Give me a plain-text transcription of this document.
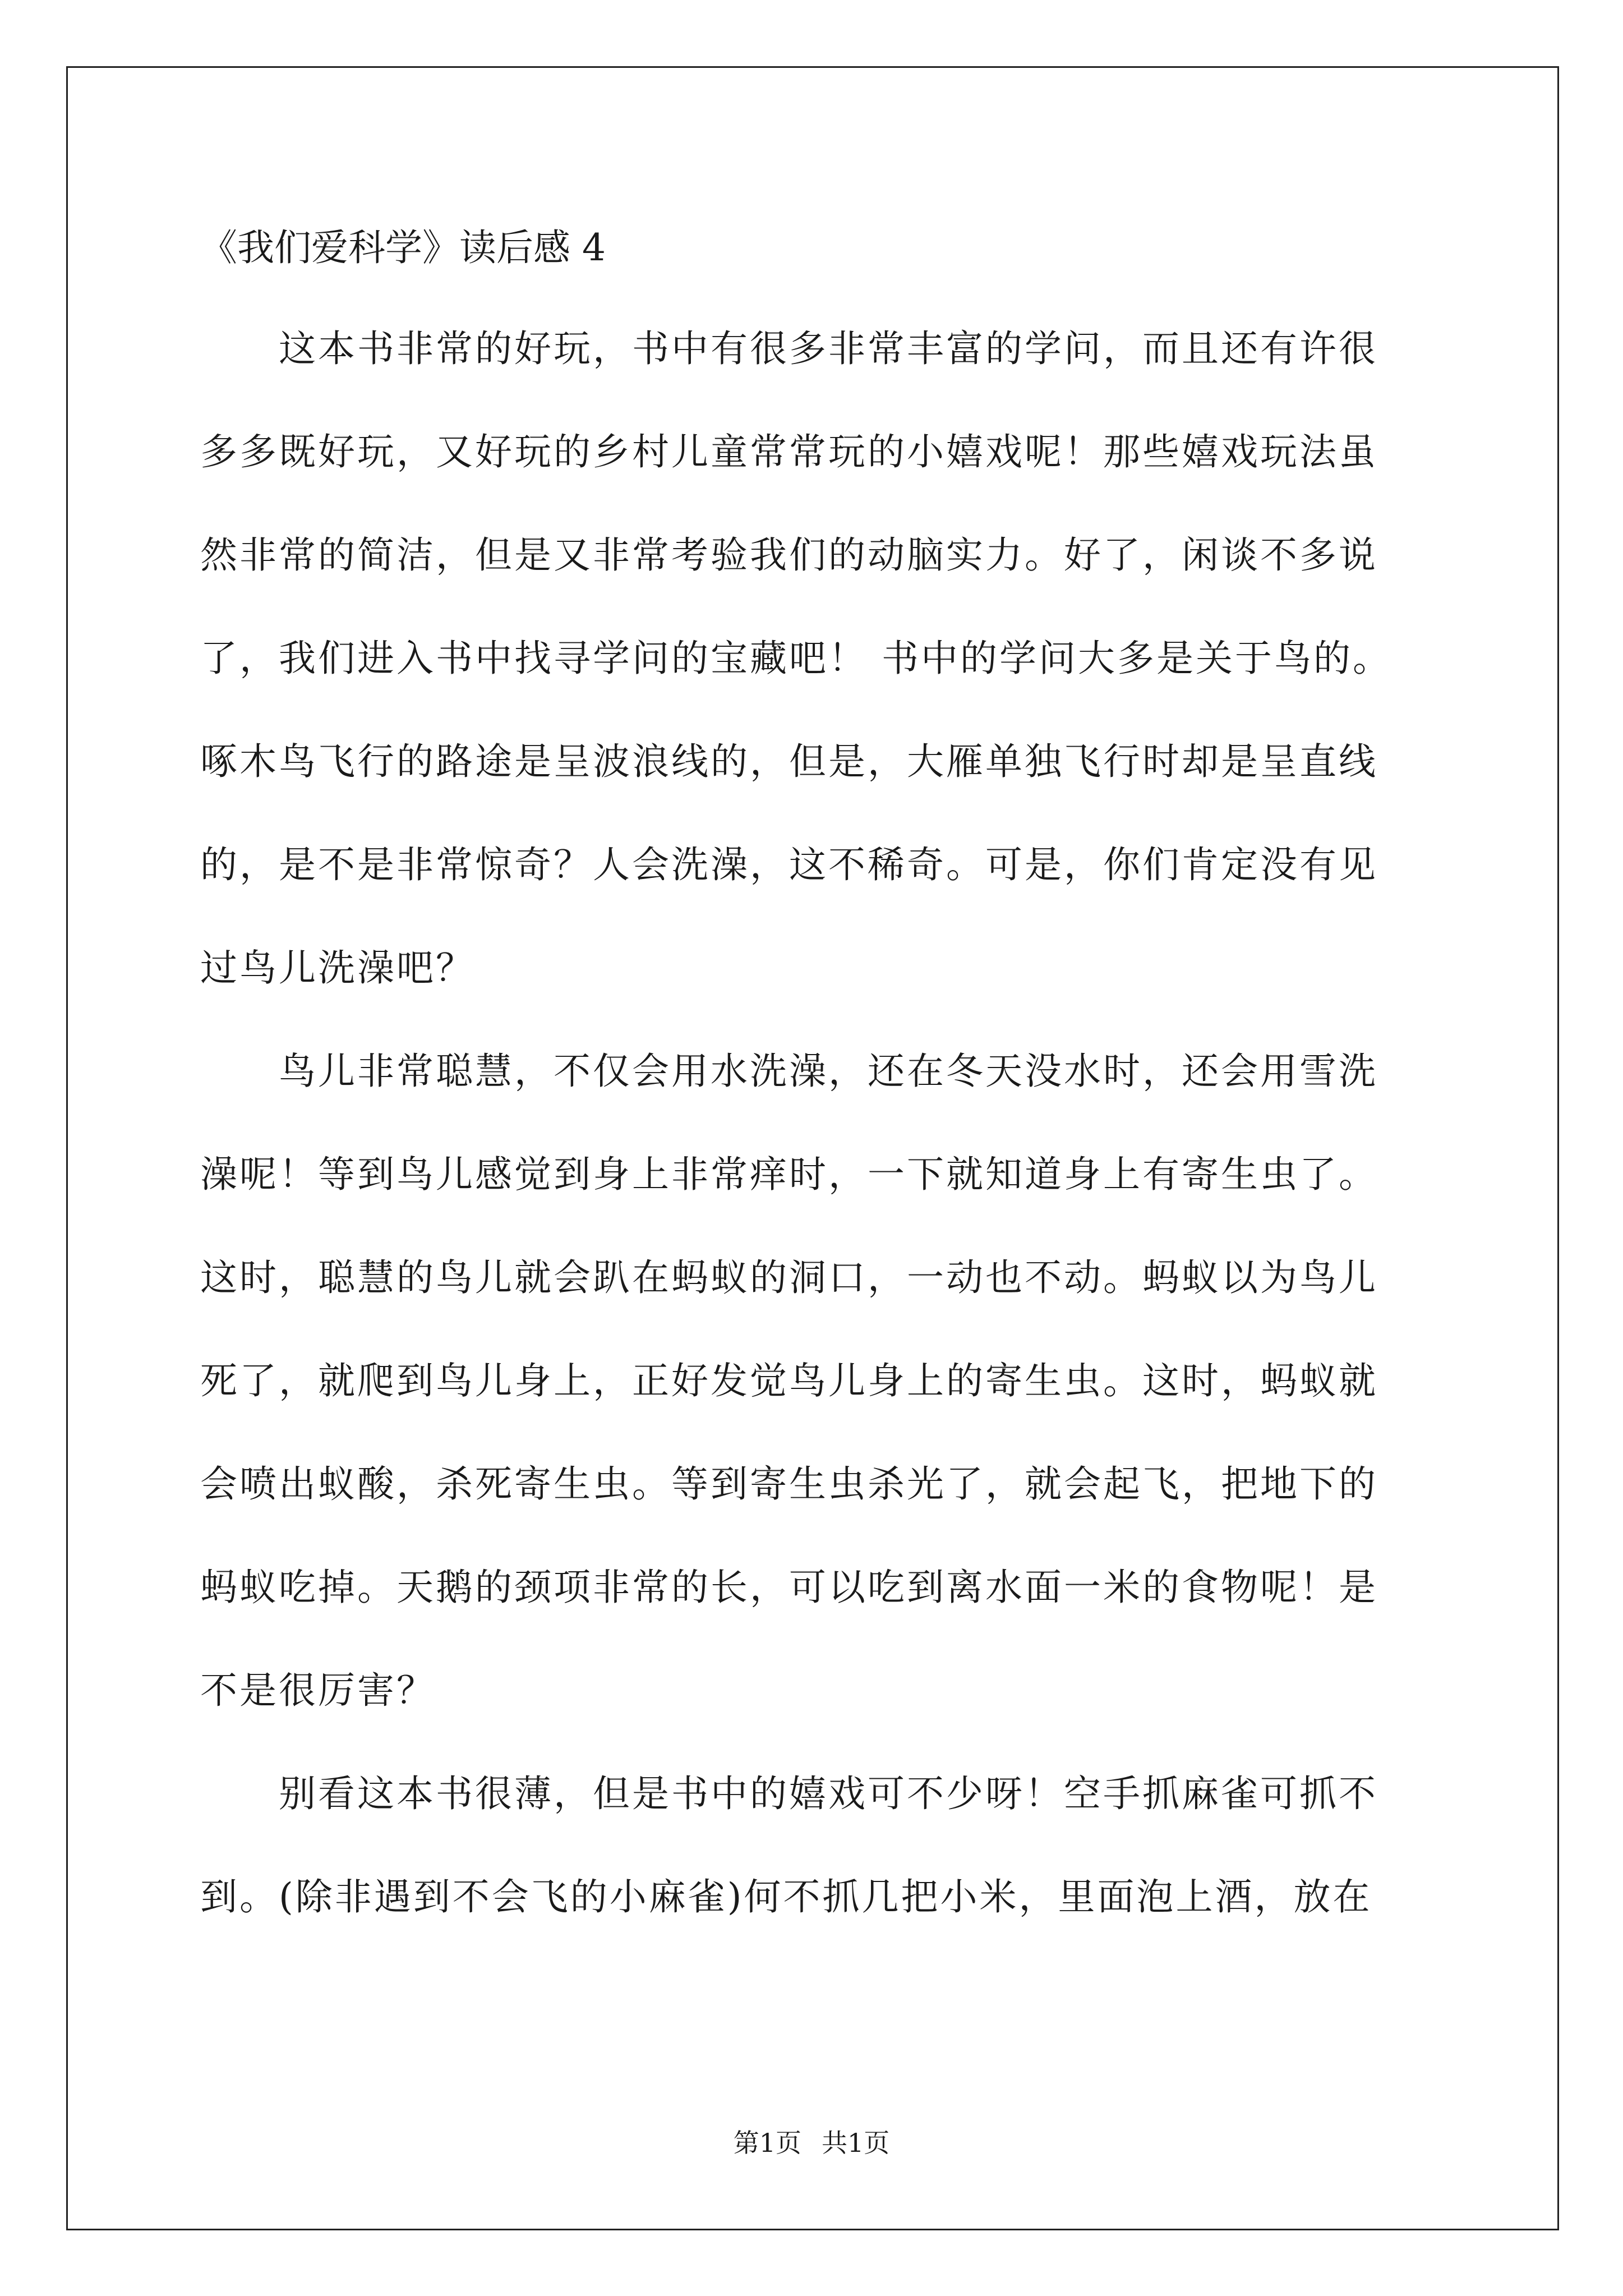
《我们爱科学》读后感 4
这本书非常的好玩，书中有很多非常丰富的学问，而且还有许很
多多既好玩，又好玩的乡村儿童常常玩的小嬉戏呢！那些嬉戏玩法虽
然非常的简洁，但是又非常考验我们的动脑实力。好了，闲谈不多说
了，我们进入书中找寻学问的宝藏吧！ 书中的学问大多是关于鸟的。
啄木鸟飞行的路途是呈波浪线的，但是，大雁单独飞行时却是呈直线
的，是不是非常惊奇？人会洗澡，这不稀奇。可是，你们肯定没有见
过鸟儿洗澡吧？
鸟儿非常聪慧，不仅会用水洗澡，还在冬天没水时，还会用雪洗
澡呢！等到鸟儿感觉到身上非常痒时，一下就知道身上有寄生虫了。
这时，聪慧的鸟儿就会趴在蚂蚁的洞口，一动也不动。蚂蚁以为鸟儿
死了，就爬到鸟儿身上，正好发觉鸟儿身上的寄生虫。这时，蚂蚁就
会喷出蚁酸，杀死寄生虫。等到寄生虫杀光了，就会起飞，把地下的
蚂蚁吃掉。天鹅的颈项非常的长，可以吃到离水面一米的食物呢！是
不是很厉害？
别看这本书很薄，但是书中的嬉戏可不少呀！空手抓麻雀可抓不
到。(除非遇到不会飞的小麻雀)何不抓几把小米，里面泡上酒，放在
第1页 共1页
